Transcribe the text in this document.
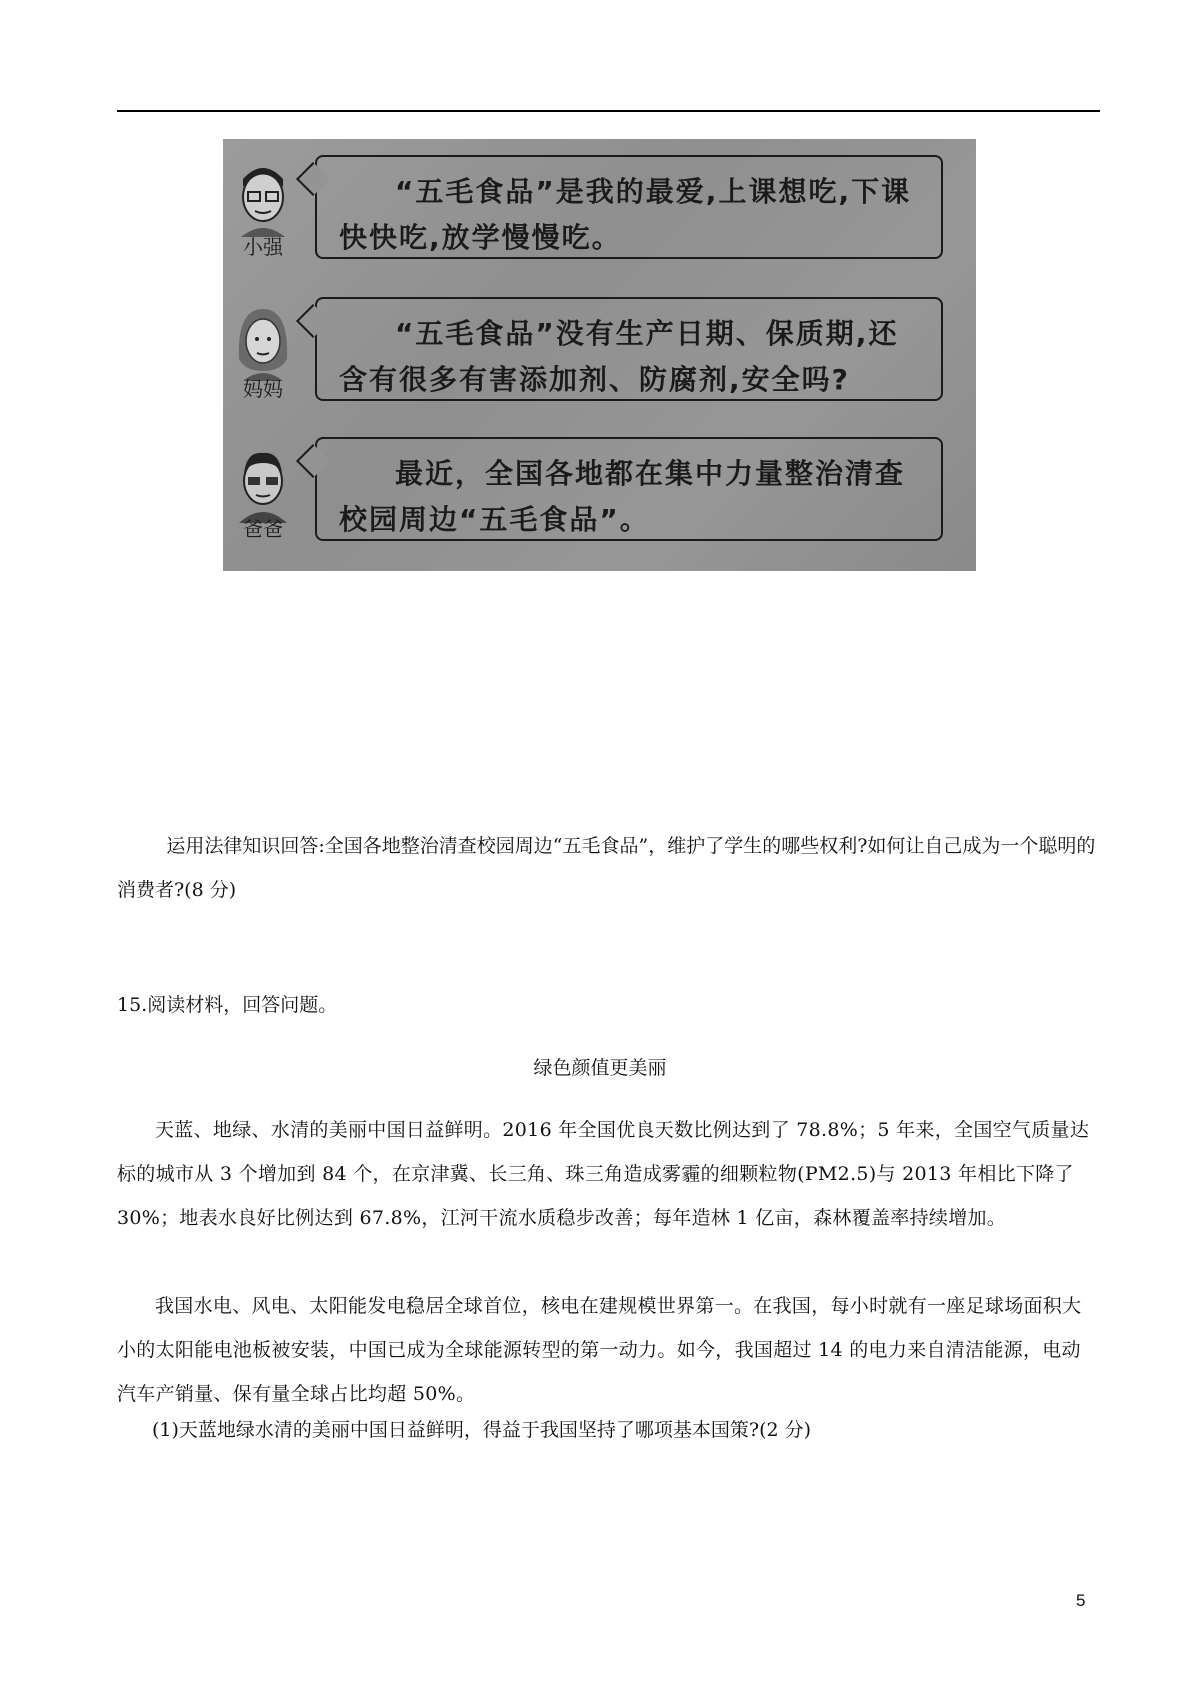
小强
“五毛食品”是我的最爱,上课想吃,下课快快吃,放学慢慢吃。
妈妈
“五毛食品”没有生产日期、保质期,还含有很多有害添加剂、防腐剂,安全吗?
爸爸
最近，全国各地都在集中力量整治清查校园周边“五毛食品”。
运用法律知识回答:全国各地整治清查校园周边“五毛食品”，维护了学生的哪些权利?如何让自己成为一个聪明的消费者?(8 分)
15.阅读材料，回答问题。
绿色颜值更美丽
天蓝、地绿、水清的美丽中国日益鲜明。2016 年全国优良天数比例达到了 78.8%；5 年来，全国空气质量达标的城市从 3 个增加到 84 个，在京津冀、长三角、珠三角造成雾霾的细颗粒物(PM2.5)与 2013 年相比下降了 30%；地表水良好比例达到 67.8%，江河干流水质稳步改善；每年造林 1 亿亩，森林覆盖率持续增加。
我国水电、风电、太阳能发电稳居全球首位，核电在建规模世界第一。在我国，每小时就有一座足球场面积大小的太阳能电池板被安装，中国已成为全球能源转型的第一动力。如今，我国超过 14 的电力来自清洁能源，电动汽车产销量、保有量全球占比均超 50%。
(1)天蓝地绿水清的美丽中国日益鲜明，得益于我国坚持了哪项基本国策?(2 分)
5
